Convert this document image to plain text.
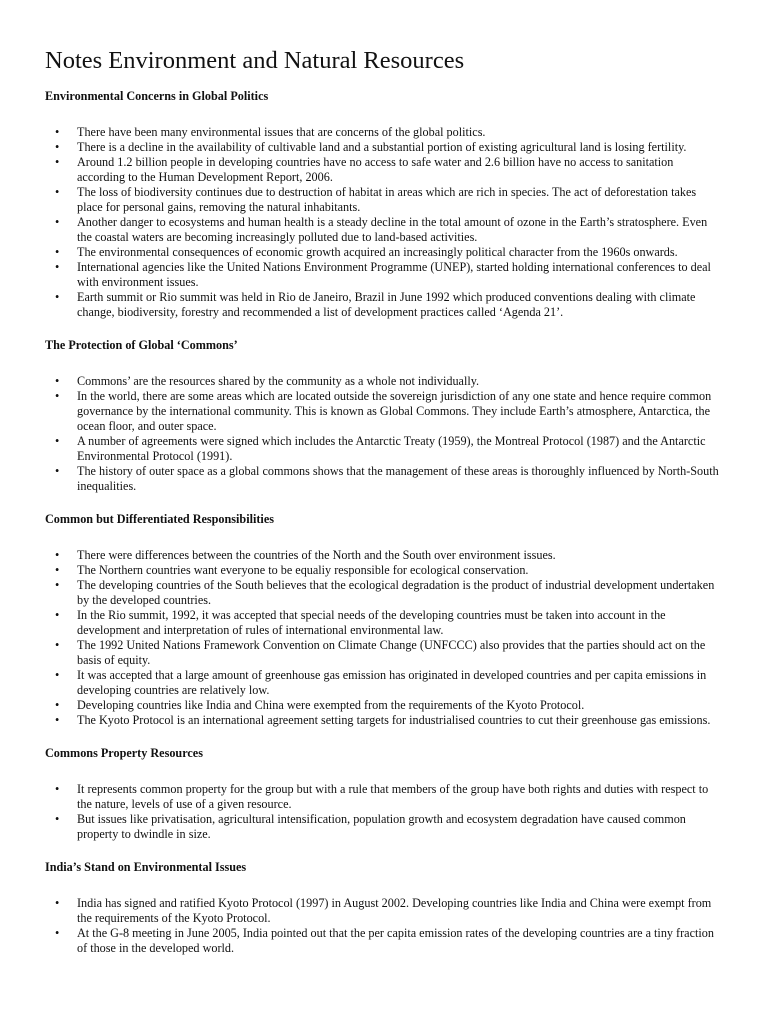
Notes Environment and Natural Resources
Environmental Concerns in Global Politics
• There have been many environmental issues that are concerns of the global politics.
• There is a decline in the availability of cultivable land and a substantial portion of existing agricultural land is losing fertility.
• Around 1.2 billion people in developing countries have no access to safe water and 2.6 billion have no access to sanitation according to the Human Development Report, 2006.
• The loss of biodiversity continues due to destruction of habitat in areas which are rich in species. The act of deforestation takes place for personal gains, removing the natural inhabitants.
• Another danger to ecosystems and human health is a steady decline in the total amount of ozone in the Earth’s stratosphere. Even the coastal waters are becoming increasingly polluted due to land-based activities.
• The environmental consequences of economic growth acquired an increasingly political character from the 1960s onwards.
• International agencies like the United Nations Environment Programme (UNEP), started holding international conferences to deal with environment issues.
• Earth summit or Rio summit was held in Rio de Janeiro, Brazil in June 1992 which produced conventions dealing with climate change, biodiversity, forestry and recommended a list of development practices called ‘Agenda 21’.
The Protection of Global ‘Commons’
• Commons’ are the resources shared by the community as a whole not individually.
• In the world, there are some areas which are located outside the sovereign jurisdiction of any one state and hence require common governance by the international community. This is known as Global Commons. They include Earth’s atmosphere, Antarctica, the ocean floor, and outer space.
• A number of agreements were signed which includes the Antarctic Treaty (1959), the Montreal Protocol (1987) and the Antarctic Environmental Protocol (1991).
• The history of outer space as a global commons shows that the management of these areas is thoroughly influenced by North-South inequalities.
Common but Differentiated Responsibilities
• There were differences between the countries of the North and the South over environment issues.
• The Northern countries want everyone to be equaliy responsible for ecological conservation.
• The developing countries of the South believes that the ecological degradation is the product of industrial development undertaken by the developed countries.
• In the Rio summit, 1992, it was accepted that special needs of the developing countries must be taken into account in the development and interpretation of rules of international environmental law.
• The 1992 United Nations Framework Convention on Climate Change (UNFCCC) also provides that the parties should act on the basis of equity.
• It was accepted that a large amount of greenhouse gas emission has originated in developed countries and per capita emissions in developing countries are relatively low.
• Developing countries like India and China were exempted from the requirements of the Kyoto Protocol.
• The Kyoto Protocol is an international agreement setting targets for industrialised countries to cut their greenhouse gas emissions.
Commons Property Resources
• It represents common property for the group but with a rule that members of the group have both rights and duties with respect to the nature, levels of use of a given resource.
• But issues like privatisation, agricultural intensification, population growth and ecosystem degradation have caused common property to dwindle in size.
India’s Stand on Environmental Issues
• India has signed and ratified Kyoto Protocol (1997) in August 2002. Developing countries like India and China were exempt from the requirements of the Kyoto Protocol.
• At the G-8 meeting in June 2005, India pointed out that the per capita emission rates of the developing countries are a tiny fraction of those in the developed world.
